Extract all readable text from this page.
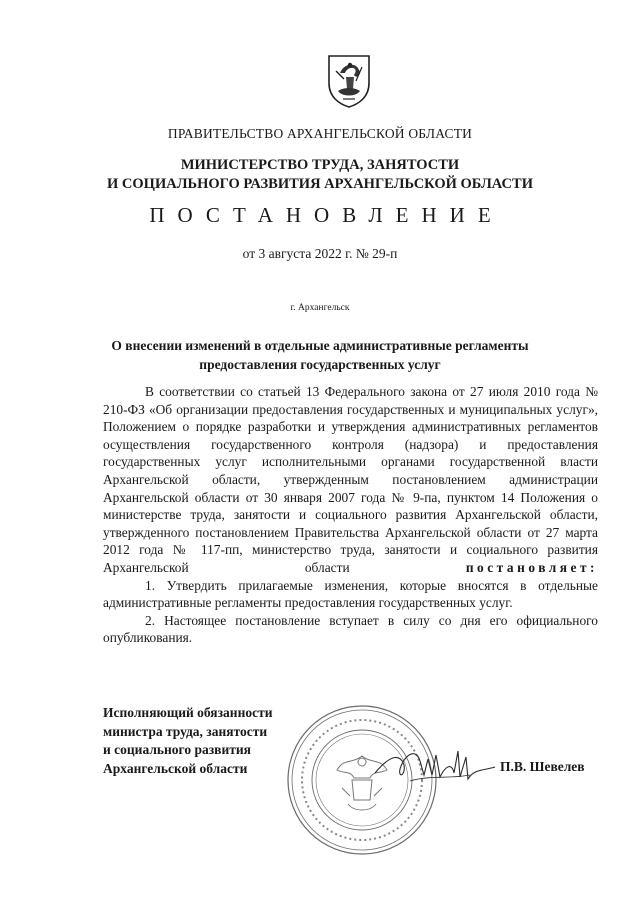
ПРАВИТЕЛЬСТВО АРХАНГЕЛЬСКОЙ ОБЛАСТИ
МИНИСТЕРСТВО ТРУДА, ЗАНЯТОСТИ
И СОЦИАЛЬНОГО РАЗВИТИЯ АРХАНГЕЛЬСКОЙ ОБЛАСТИ
ПОСТАНОВЛЕНИЕ
от 3 августа 2022 г. № 29-п
г. Архангельск
О внесении изменений в отдельные административные регламенты
предоставления государственных услуг

В соответствии со статьей 13 Федерального закона от 27 июля 2010 года № 210-ФЗ «Об организации предоставления государственных и муниципальных услуг», Положением о порядке разработки и утверждения административных регламентов осуществления государственного контроля (надзора) и предоставления государственных услуг исполнительными органами государственной власти Архангельской области, утвержденным постановлением администрации Архангельской области от 30 января 2007 года № 9-па, пунктом 14 Положения о министерстве труда, занятости и социального развития Архангельской области, утвержденного постановлением Правительства Архангельской области от 27 марта 2012 года № 117-пп, министерство труда, занятости и социального развития Архангельской области	постановляет:

1. Утвердить прилагаемые изменения, которые вносятся в отдельные административные регламенты предоставления государственных услуг.

2. Настоящее постановление вступает в силу со дня его официального опубликования.

Исполняющий обязанности
министра труда, занятости
и социального развития
Архангельской области	П.В. Шевелев
